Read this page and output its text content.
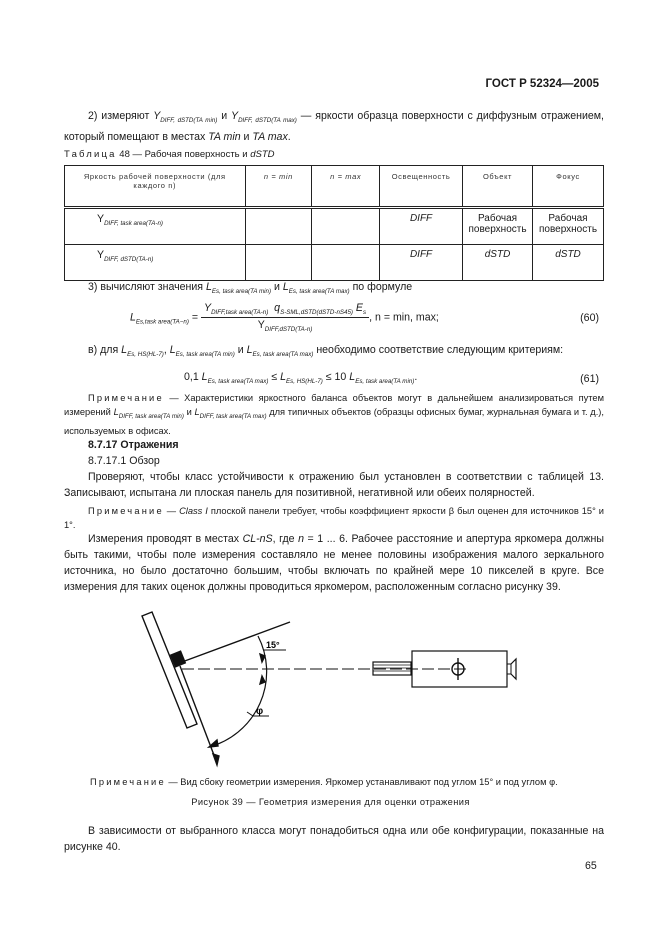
ГОСТ Р 52324—2005
2) измеряют $Y_{DIFF, dSTD(TA min)}$ и $Y_{DIFF, dSTD(TA max)}$ — яркости образца поверхности с диффузным отражением, который помещают в местах TA min и TA max.
Таблица 48 — Рабочая поверхность и dSTD
Яркость рабочей поверхности (для каждого n)	n = min	n = max	Освещенность	Объект	Фокус
$Y_{DIFF, task area(TA-n)}$			DIFF	Рабочая поверхность	Рабочая поверхность
$Y_{DIFF, dSTD(TA-n)}$			DIFF	dSTD	dSTD
3) вычисляют значения $L_{Es, task area(TA min)}$ и $L_{Es, task area(TA max)}$ по формуле
$L_{Es,task area(TA-n)} = \frac{Y_{DIFF,task area(TA-n)} q_{S-SML,dSTD(dSTD-nS45)} E_s}{Y_{DIFF,dSTD(TA-n)}}$ , n = min, max;	(60)
в) для $L_{Es, HS(HL-7)}$, $L_{Es, task area(TA min)}$ и $L_{Es, task area(TA max)}$ необходимо соответствие следующим критериям:
0,1 $L_{Es, task area(TA max)} \le L_{Es, HS(HL-7)} \le 10$ $L_{Es, task area(TA min)}$.	(61)
Примечание — Характеристики яркостного баланса объектов могут в дальнейшем анализироваться путем измерений $L_{DIFF, task area(TA min)}$ и $L_{DIFF, task area(TA max)}$ для типичных объектов (образцы офисных бумаг, журнальная бумага и т. д.), используемых в офисах.
8.7.17 Отражения
8.7.17.1 Обзор
Проверяют, чтобы класс устойчивости к отражению был установлен в соответствии с таблицей 13. Записывают, испытана ли плоская панель для позитивной, негативной или обеих полярностей.
Примечание — Class I плоской панели требует, чтобы коэффициент яркости β был оценен для источников 15° и 1°.
Измерения проводят в местах CL-nS, где n = 1 ... 6. Рабочее расстояние и апертура яркомера должны быть такими, чтобы поле измерения составляло не менее половины изображения малого зеркального источника, но было достаточно большим, чтобы включать по крайней мере 10 пикселей в круге. Все измерения для таких оценок должны проводиться яркомером, расположенным согласно рисунку 39.
15°
φ
Примечание — Вид сбоку геометрии измерения. Яркомер устанавливают под углом 15° и под углом φ.
Рисунок 39 — Геометрия измерения для оценки отражения
В зависимости от выбранного класса могут понадобиться одна или обе конфигурации, показанные на рисунке 40.
65
